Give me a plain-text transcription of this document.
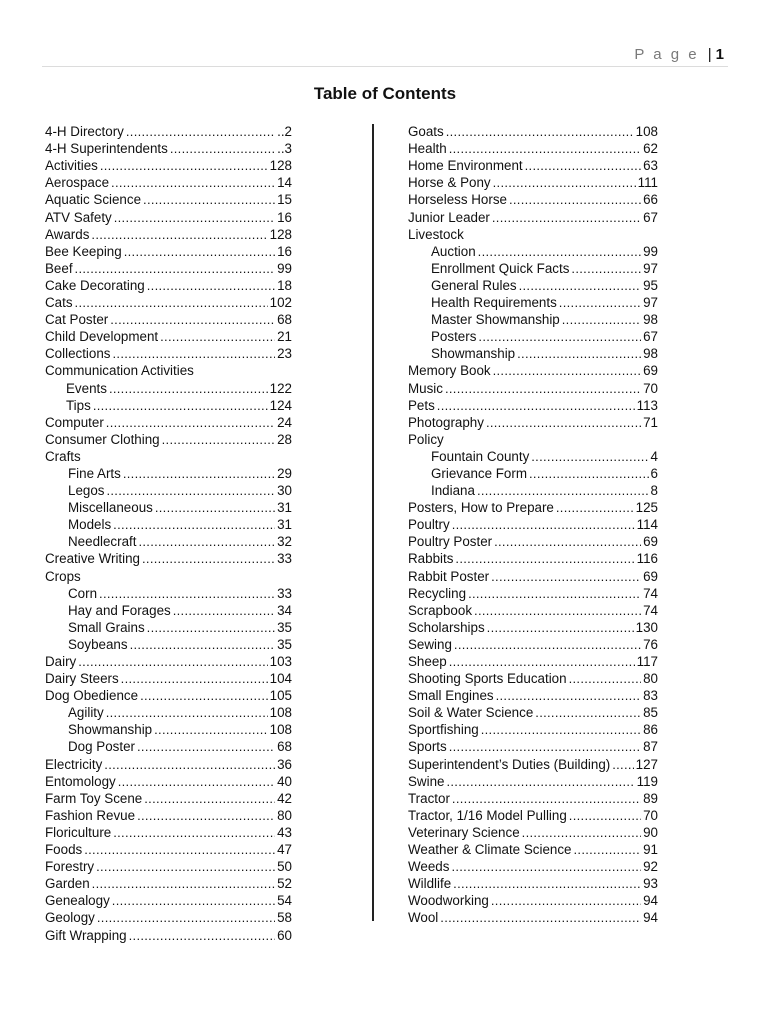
P a g e | 1
Table of Contents
4-H Directory .....	..2
4-H Superintendents .....	..3
Activities .....	128
Aerospace .....	14
Aquatic Science .....	15
ATV Safety .....	16
Awards .....	128
Bee Keeping .....	16
Beef .....	99
Cake Decorating .....	18
Cats .....	102
Cat Poster .....	68
Child Development .....	21
Collections .....	23
Communication Activities
Events .....	122
Tips .....	124
Computer .....	24
Consumer Clothing .....	28
Crafts
Fine Arts .....	29
Legos .....	30
Miscellaneous .....	31
Models .....	31
Needlecraft .....	32
Creative Writing .....	33
Crops
Corn .....	33
Hay and Forages .....	34
Small Grains .....	35
Soybeans .....	35
Dairy .....	103
Dairy Steers .....	104
Dog Obedience .....	105
Agility .....	108
Showmanship .....	108
Dog Poster .....	68
Electricity .....	36
Entomology .....	40
Farm Toy Scene .....	42
Fashion Revue .....	80
Floriculture .....	43
Foods .....	47
Forestry .....	50
Garden .....	52
Genealogy .....	54
Geology .....	58
Gift Wrapping .....	60
Goats .....	108
Health .....	62
Home Environment .....	63
Horse & Pony .....	111
Horseless Horse .....	66
Junior Leader .....	67
Livestock
Auction .....	99
Enrollment Quick Facts .....	97
General Rules .....	95
Health Requirements .....	97
Master Showmanship .....	98
Posters .....	67
Showmanship .....	98
Memory Book .....	69
Music .....	70
Pets .....	113
Photography .....	71
Policy
Fountain County .....	4
Grievance Form .....	6
Indiana .....	8
Posters, How to Prepare .....	125
Poultry .....	114
Poultry Poster .....	69
Rabbits .....	116
Rabbit Poster .....	69
Recycling .....	74
Scrapbook .....	74
Scholarships .....	130
Sewing .....	76
Sheep .....	117
Shooting Sports Education .....	80
Small Engines .....	83
Soil & Water Science .....	85
Sportfishing .....	86
Sports .....	87
Superintendent’s Duties (Building) ..... 127
Swine .....	119
Tractor .....	89
Tractor, 1/16 Model Pulling .....	70
Veterinary Science .....	90
Weather & Climate Science .....	91
Weeds .....	92
Wildlife .....	93
Woodworking .....	94
Wool .....	94
